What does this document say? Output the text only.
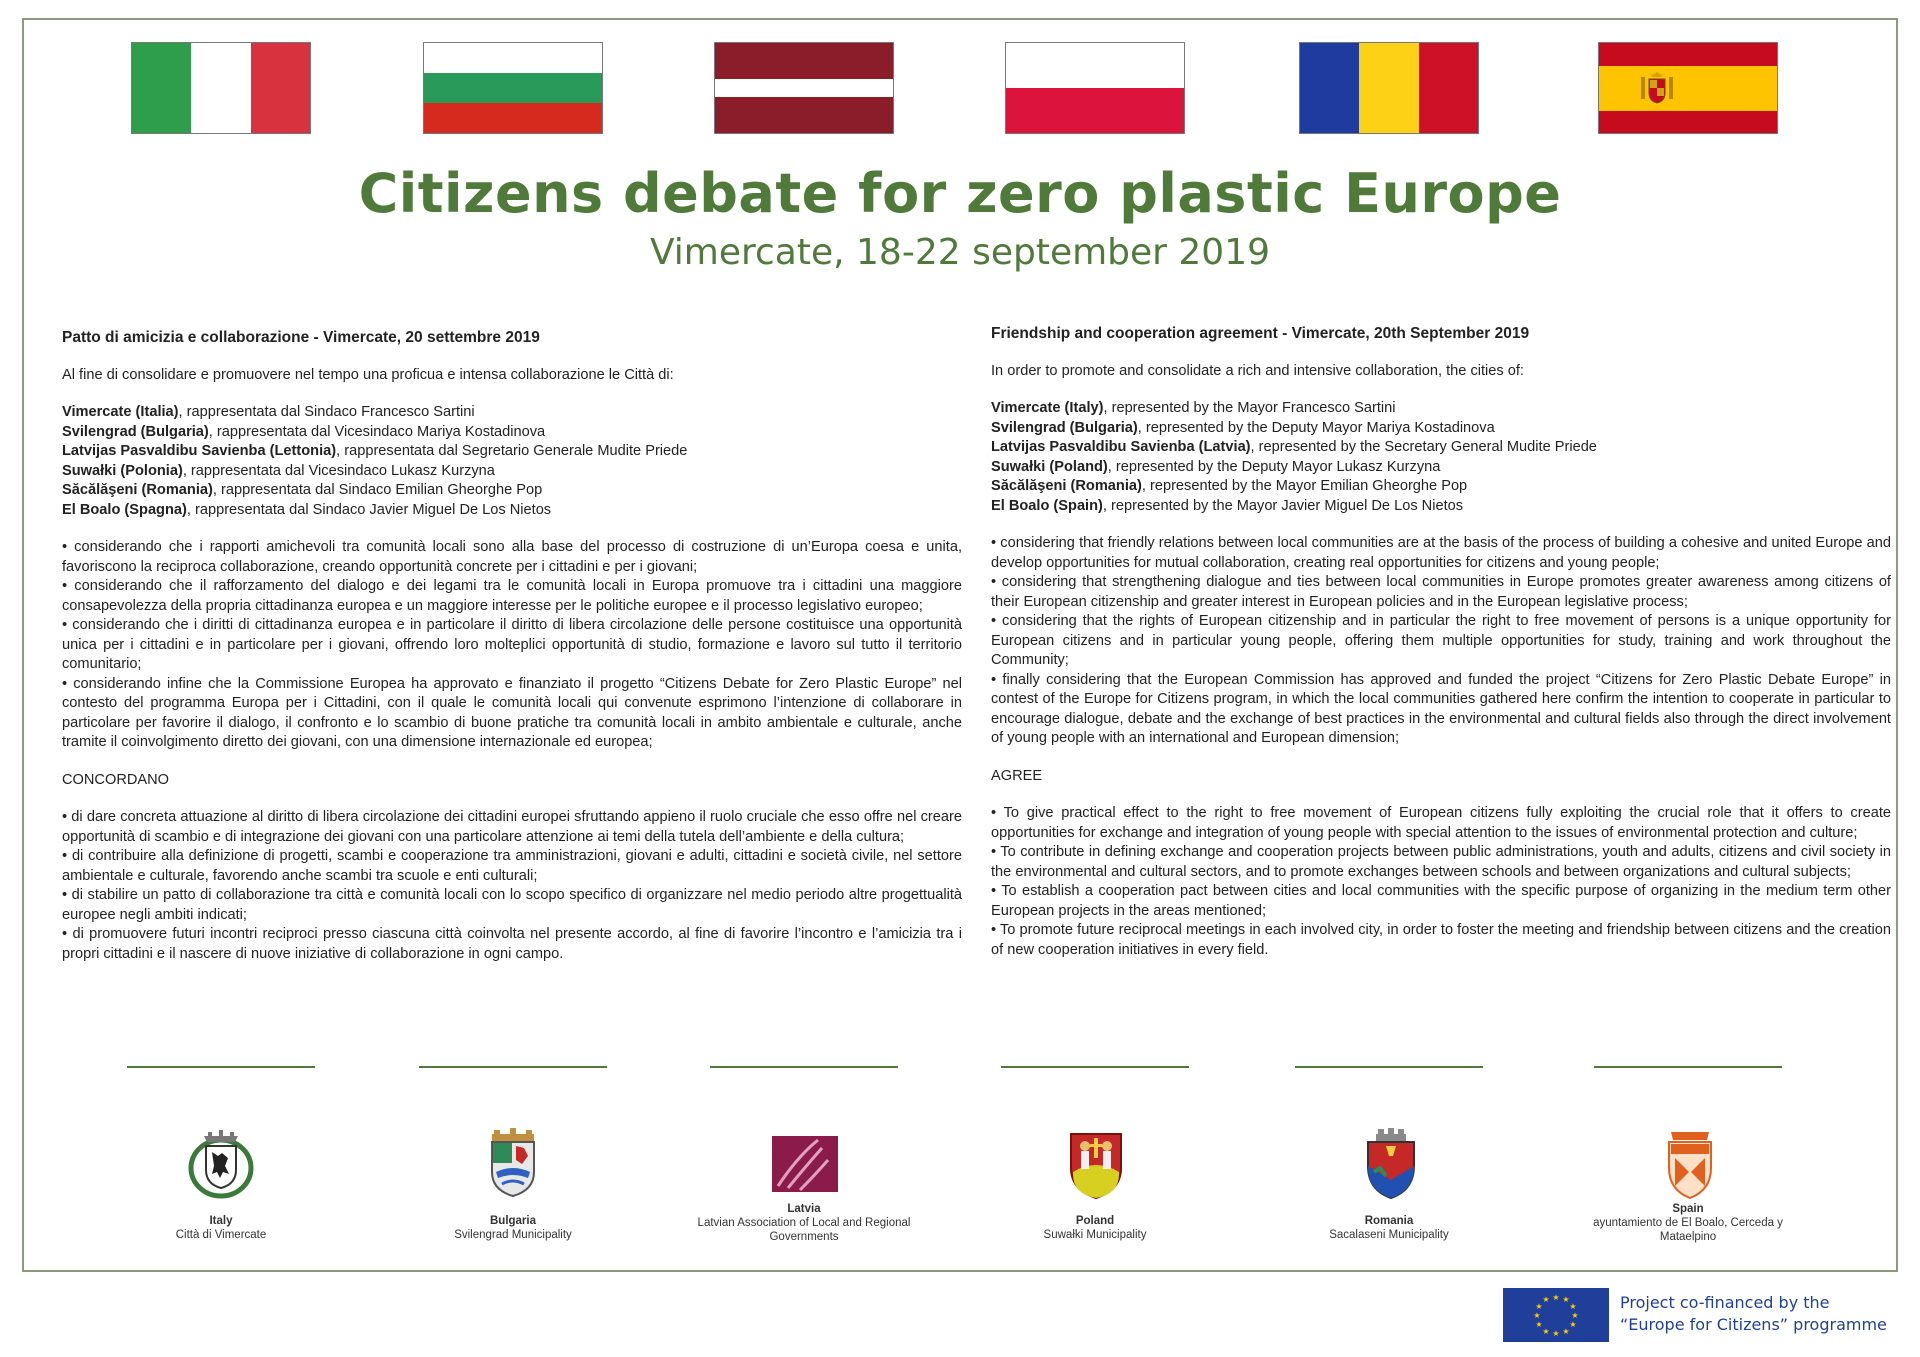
Citizens debate for zero plastic Europe
Vimercate, 18-22 september 2019
Patto di amicizia e collaborazione - Vimercate, 20 settembre 2019

Al fine di consolidare e promuovere nel tempo una proficua e intensa collaborazione le Città di:

Vimercate (Italia), rappresentata dal Sindaco Francesco Sartini
Svilengrad (Bulgaria), rappresentata dal Vicesindaco Mariya Kostadinova
Latvijas Pasvaldibu Savienba (Lettonia), rappresentata dal Segretario Generale Mudite Priede
Suwałki (Polonia), rappresentata dal Vicesindaco Lukasz Kurzyna
Săcălăşeni (Romania), rappresentata dal Sindaco Emilian Gheorghe Pop
El Boalo (Spagna), rappresentata dal Sindaco Javier Miguel De Los Nietos
• considerando che i rapporti amichevoli tra comunità locali sono alla base del processo di costruzione di un’Europa coesa e unita, favoriscono la reciproca collaborazione, creando opportunità concrete per i cittadini e per i giovani;
• considerando che il rafforzamento del dialogo e dei legami tra le comunità locali in Europa promuove tra i cittadini una maggiore consapevolezza della propria cittadinanza europea e un maggiore interesse per le politiche europee e il processo legislativo europeo;
• considerando che i diritti di cittadinanza europea e in particolare il diritto di libera circolazione delle persone costituisce una opportunità unica per i cittadini e in particolare per i giovani, offrendo loro molteplici opportunità di studio, formazione e lavoro sul tutto il territorio comunitario;
• considerando infine che la Commissione Europea ha approvato e finanziato il progetto “Citizens Debate for Zero Plastic Europe” nel contesto del programma Europa per i Cittadini, con il quale le comunità locali qui convenute esprimono l’intenzione di collaborare in particolare per favorire il dialogo, il confronto e lo scambio di buone pratiche tra comunità locali in ambito ambientale e culturale, anche tramite il coinvolgimento diretto dei giovani, con una dimensione internazionale ed europea;

CONCORDANO

• di dare concreta attuazione al diritto di libera circolazione dei cittadini europei sfruttando appieno il ruolo cruciale che esso offre nel creare opportunità di scambio e di integrazione dei giovani con una particolare attenzione ai temi della tutela dell’ambiente e della cultura;
• di contribuire alla definizione di progetti, scambi e cooperazione tra amministrazioni, giovani e adulti, cittadini e società civile, nel settore ambientale e culturale, favorendo anche scambi tra scuole e enti culturali;
• di stabilire un patto di collaborazione tra città e comunità locali con lo scopo specifico di organizzare nel medio periodo altre progettualità europee negli ambiti indicati;
• di promuovere futuri incontri reciproci presso ciascuna città coinvolta nel presente accordo, al fine di favorire l’incontro e l’amicizia tra i propri cittadini e il nascere di nuove iniziative di collaborazione in ogni campo.
Friendship and cooperation agreement - Vimercate, 20th September 2019

In order to promote and consolidate a rich and intensive collaboration, the cities of:

Vimercate (Italy), represented by the Mayor Francesco Sartini
Svilengrad (Bulgaria), represented by the Deputy Mayor Mariya Kostadinova
Latvijas Pasvaldibu Savienba (Latvia), represented by the Secretary General Mudite Priede
Suwałki (Poland), represented by the Deputy Mayor Lukasz Kurzyna
Săcălăşeni (Romania), represented by the Mayor Emilian Gheorghe Pop
El Boalo (Spain), represented by the Mayor Javier Miguel De Los Nietos
• considering that friendly relations between local communities are at the basis of the process of building a cohesive and united Europe and develop opportunities for mutual collaboration, creating real opportunities for citizens and young people;
• considering that strengthening dialogue and ties between local communities in Europe promotes greater awareness among citizens of their European citizenship and greater interest in European policies and in the European legislative process;
• considering that the rights of European citizenship and in particular the right to free movement of persons is a unique opportunity for European citizens and in particular young people, offering them multiple opportunities for study, training and work throughout the Community;
• finally considering that the European Commission has approved and funded the project “Citizens for Zero Plastic Debate Europe” in contest of the Europe for Citizens program, in which the local communities gathered here confirm the intention to cooperate in particular to encourage dialogue, debate and the exchange of best practices in the environmental and cultural fields also through the direct involvement of young people with an international and European dimension;

AGREE

• To give practical effect to the right to free movement of European citizens fully exploiting the crucial role that it offers to create opportunities for exchange and integration of young people with special attention to the issues of environmental protection and culture;
• To contribute in defining exchange and cooperation projects between public administrations, youth and adults, citizens and civil society in the environmental and cultural sectors, and to promote exchanges between schools and between organizations and cultural subjects;
• To establish a cooperation pact between cities and local communities with the specific purpose of organizing in the medium term other European projects in the areas mentioned;
• To promote future reciprocal meetings in each involved city, in order to foster the meeting and friendship between citizens and the creation of new cooperation initiatives in every field.
Italy
Città di Vimercate
Bulgaria
Svilengrad Municipality
Latvia
Latvian Association of Local and Regional Governments
Poland
Suwałki Municipality
Romania
Sacalaseni Municipality
Spain
ayuntamiento de El Boalo, Cerceda y Mataelpino
★ ★
★
★
★
★
★
★
★
★
★
★	Project co-financed by the
“Europe for Citizens” programme
